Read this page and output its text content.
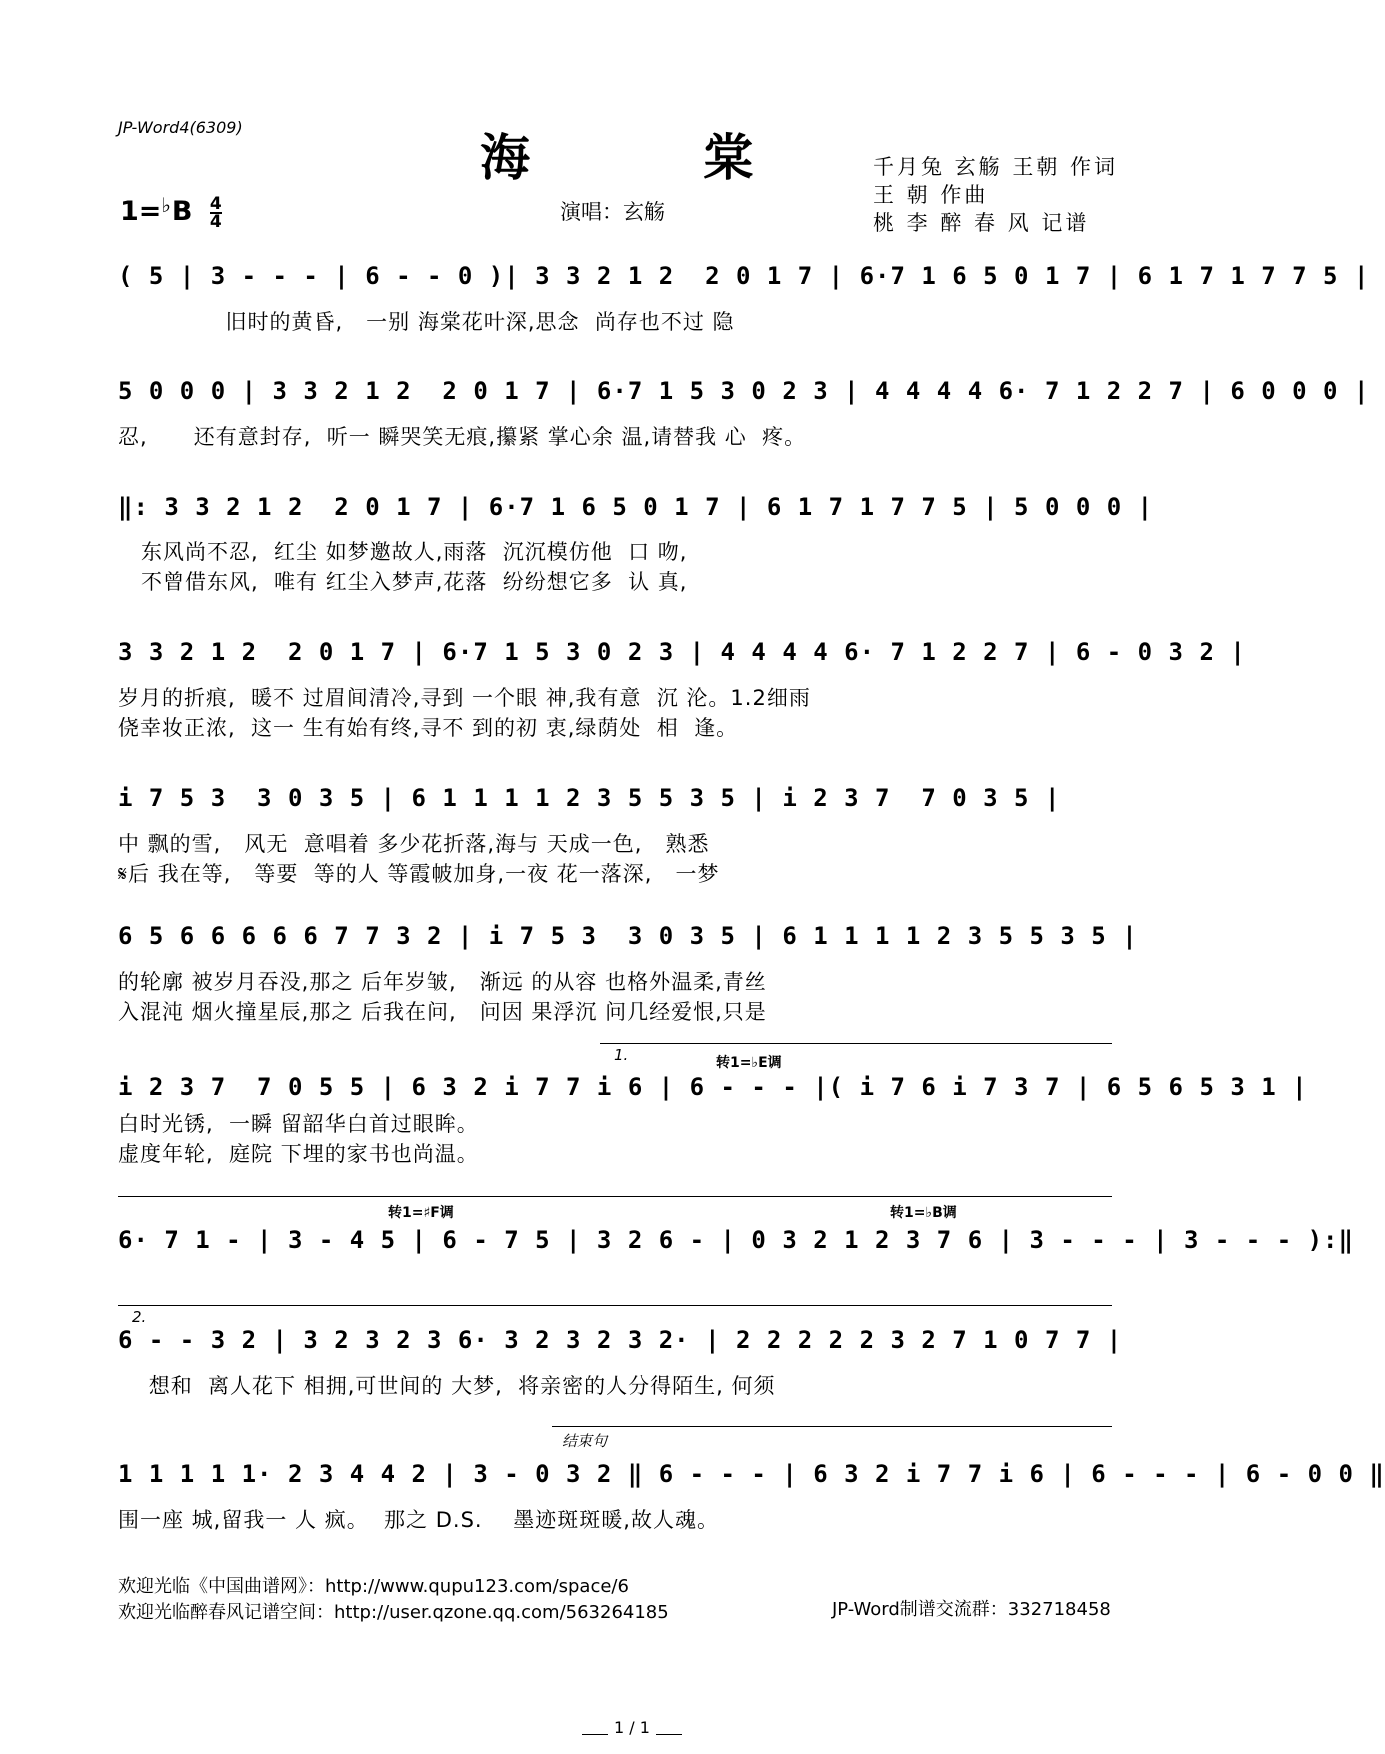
JP-Word4(6309)
海 棠
$1=^♭B \frac{4}{4}$	演唱：玄觞
千月兔 玄觞 王朝 作词
王 朝 作曲
桃 李 醉 春 风 记谱
( 5 | 3 - - - | 6 - - 0 )| 3 3 2 1 2  2 0 1 7 | 6·7 1 6 5 0 1 7 | 6 1 7 1 7 7 5 |
旧时的黄昏,   一别 海棠花叶深,思念  尚存也不过 隐
5 0 0 0 | 3 3 2 1 2  2 0 1 7 | 6·7 1 5 3 0 2 3 | 4 4 4 4 6· 7 1 2 2 7 | 6 0 0 0 |
忍,      还有意封存,  听一 瞬哭笑无痕,攥紧 掌心余 温,请替我 心  疼。
‖: 3 3 2 1 2  2 0 1 7 | 6·7 1 6 5 0 1 7 | 6 1 7 1 7 7 5 | 5 0 0 0 |
东风尚不忍,  红尘 如梦邀故人,雨落  沉沉模仿他  口 吻,
不曾借东风,  唯有 红尘入梦声,花落  纷纷想它多  认 真,
3 3 2 1 2  2 0 1 7 | 6·7 1 5 3 0 2 3 | 4 4 4 4 6· 7 1 2 2 7 | 6 - 0 3 2 |
岁月的折痕,  暖不 过眉间清冷,寻到 一个眼 神,我有意  沉 沦。1.2细雨
侥幸妆正浓,  这一 生有始有终,寻不 到的初 衷,绿荫处  相  逢。
i 7 5 3  3 0 3 5 | 6 1 1 1 1 2 3 5 5 3 5 | i 2 3 7  7 0 3 5 |
中 飘的雪,   风无  意唱着 多少花折落,海与 天成一色,   熟悉
𝄋后 我在等,   等要  等的人 等霞帔加身,一夜 花一落深,   一梦
6 5 6 6 6 6 6 7 7 3 2 | i 7 5 3  3 0 3 5 | 6 1 1 1 1 2 3 5 5 3 5 |
的轮廓 被岁月吞没,那之 后年岁皱,   渐远 的从容 也格外温柔,青丝
入混沌 烟火撞星辰,那之 后我在问,   问因 果浮沉 问几经爱恨,只是
1.	转1=♭E调
i 2 3 7  7 0 5 5 | 6 3 2 i 7 7 i 6 | 6 - - - |( i 7 6 i 7 3 7 | 6 5 6 5 3 1 |
白时光锈,  一瞬 留韶华白首过眼眸。
虚度年轮,  庭院 下埋的家书也尚温。
转1=♯F调	转1=♭B调
6· 7 1 - | 3 - 4 5 | 6 - 7 5 | 3 2 6 - | 0 3 2 1 2 3 7 6 | 3 - - - | 3 - - - ):‖
2.
6 - - 3 2 | 3 2 3 2 3 6· 3 2 3 2 3 2· | 2 2 2 2 2 3 2 7 1 0 7 7 |
想和  离人花下 相拥,可世间的 大梦,  将亲密的人分得陌生, 何须
结束句
1 1 1 1 1· 2 3 4 4 2 | 3 - 0 3 2 ‖ 6 - - - | 6 3 2 i 7 7 i 6 | 6 - - - | 6 - 0 0 ‖
围一座 城,留我一 人 疯。  那之 D.S.    墨迹斑斑暖,故人魂。
欢迎光临《中国曲谱网》：http://www.qupu123.com/space/6
欢迎光临醉春风记谱空间：http://user.qzone.qq.com/563264185	JP-Word制谱交流群：332718458
1 / 1
